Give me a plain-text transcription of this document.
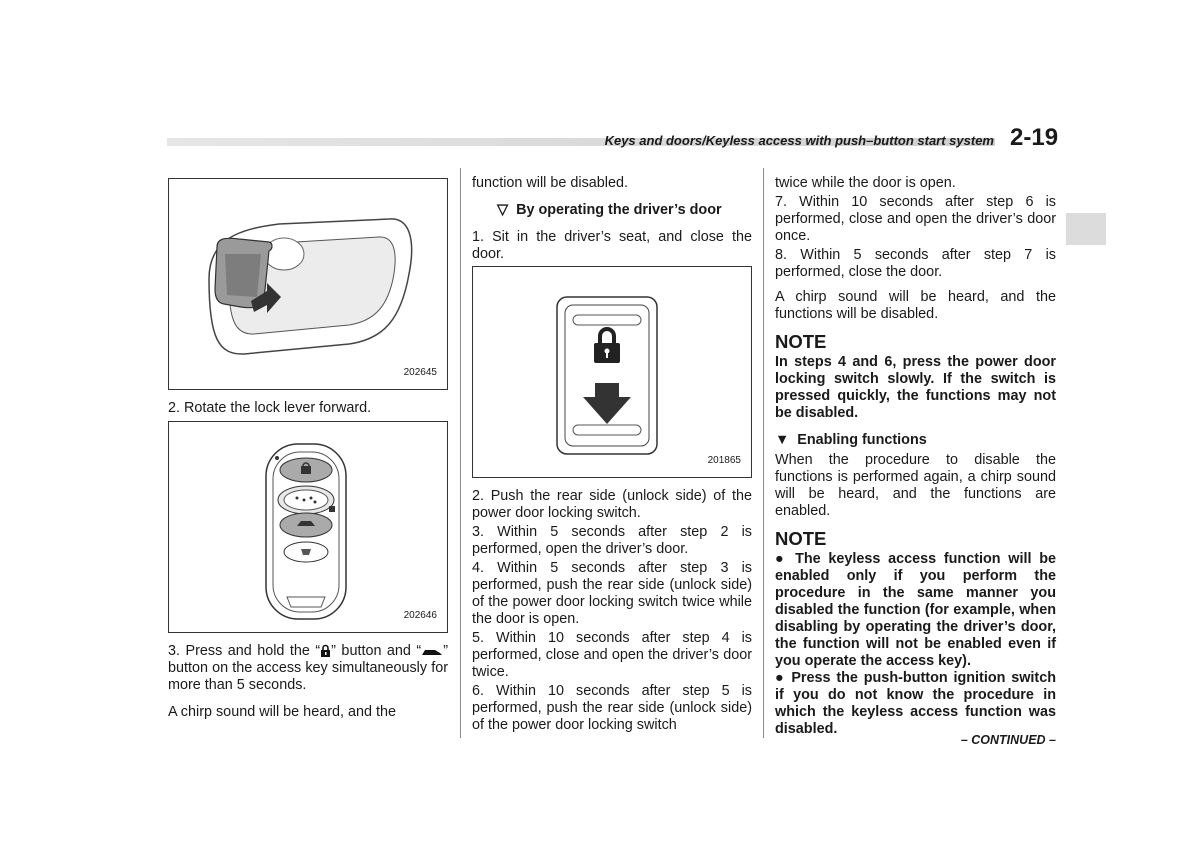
Keys and doors/Keyless access with push–button start system 2-19
202645

2. Rotate the lock lever forward.

202646

3. Press and hold the “ ” button and “ ” button on the access key simultaneously for more than 5 seconds.

A chirp sound will be heard, and the

function will be disabled.

▽ By operating the driver’s door

1. Sit in the driver’s seat, and close the door.

201865

2. Push the rear side (unlock side) of the power door locking switch.

3. Within 5 seconds after step 2 is performed, open the driver’s door.

4. Within 5 seconds after step 3 is performed, push the rear side (unlock side) of the power door locking switch twice while the door is open.

5. Within 10 seconds after step 4 is performed, close and open the driver’s door twice.

6. Within 10 seconds after step 5 is performed, push the rear side (unlock side) of the power door locking switch

twice while the door is open.

7. Within 10 seconds after step 6 is performed, close and open the driver’s door once.

8. Within 5 seconds after step 7 is performed, close the door.

A chirp sound will be heard, and the functions will be disabled.

NOTE

In steps 4 and 6, press the power door locking switch slowly. If the switch is pressed quickly, the functions may not be disabled.

▼ Enabling functions

When the procedure to disable the functions is performed again, a chirp sound will be heard, and the functions are enabled.

NOTE
● The keyless access function will be enabled only if you perform the procedure in the same manner you disabled the function (for example, when disabling by operating the driver’s door, the function will not be enabled even if you operate the access key).
● Press the push-button ignition switch if you do not know the procedure in which the keyless access function was disabled.
– CONTINUED –
